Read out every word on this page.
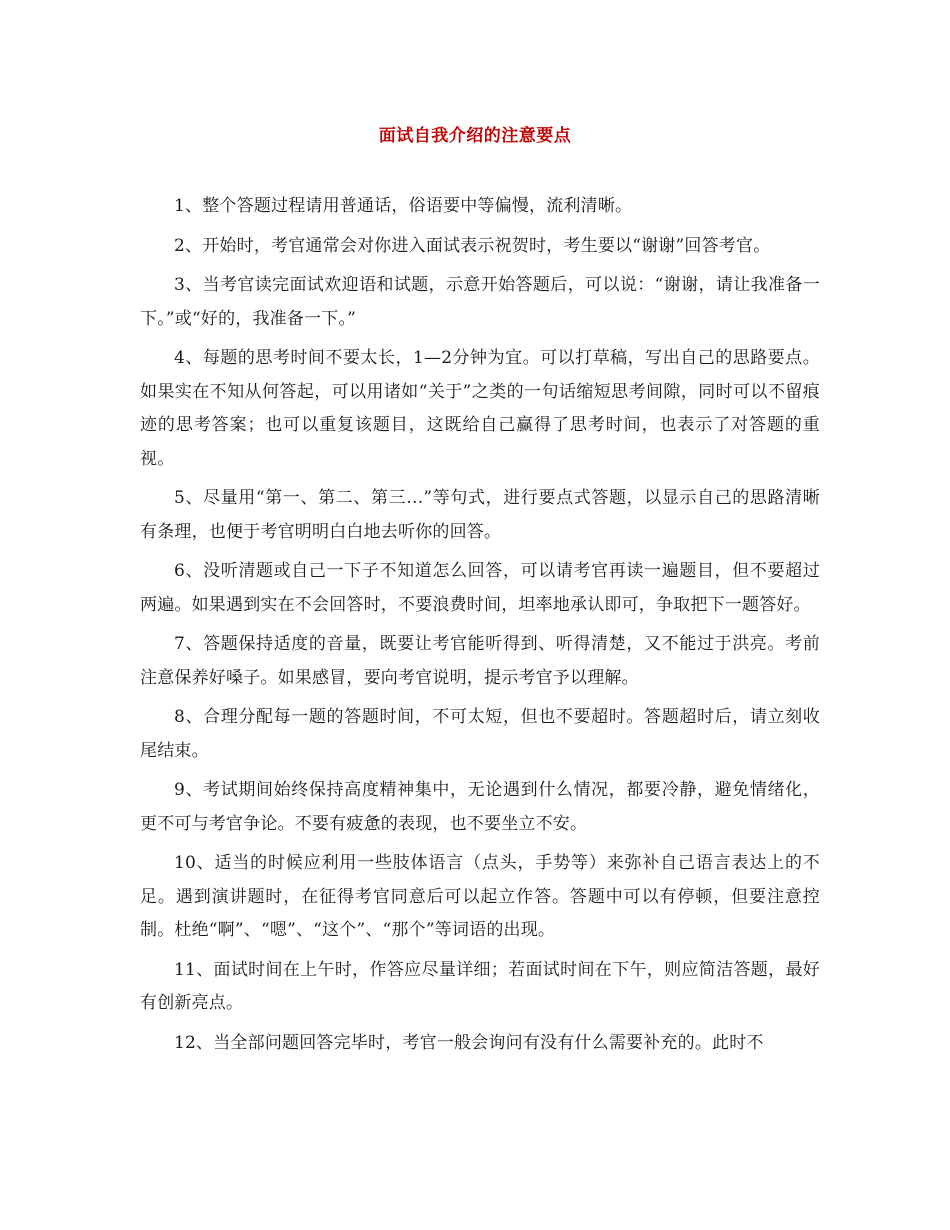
面试自我介绍的注意要点

1、整个答题过程请用普通话，俗语要中等偏慢，流利清晰。

2、开始时，考官通常会对你进入面试表示祝贺时，考生要以“谢谢”回答考官。

3、当考官读完面试欢迎语和试题，示意开始答题后，可以说：“谢谢，请让我准备一下。”或“好的，我准备一下。”

4、每题的思考时间不要太长，1—2分钟为宜。可以打草稿，写出自己的思路要点。如果实在不知从何答起，可以用诸如“关于”之类的一句话缩短思考间隙，同时可以不留痕迹的思考答案；也可以重复该题目，这既给自己赢得了思考时间，也表示了对答题的重视。

5、尽量用“第一、第二、第三…”等句式，进行要点式答题，以显示自己的思路清晰有条理，也便于考官明明白白地去听你的回答。

6、没听清题或自己一下子不知道怎么回答，可以请考官再读一遍题目，但不要超过两遍。如果遇到实在不会回答时，不要浪费时间，坦率地承认即可，争取把下一题答好。

7、答题保持适度的音量，既要让考官能听得到、听得清楚，又不能过于洪亮。考前注意保养好嗓子。如果感冒，要向考官说明，提示考官予以理解。

8、合理分配每一题的答题时间，不可太短，但也不要超时。答题超时后，请立刻收尾结束。

9、考试期间始终保持高度精神集中，无论遇到什么情况，都要冷静，避免情绪化，更不可与考官争论。不要有疲惫的表现，也不要坐立不安。

10、适当的时候应利用一些肢体语言（点头，手势等）来弥补自己语言表达上的不足。遇到演讲题时，在征得考官同意后可以起立作答。答题中可以有停顿，但要注意控制。杜绝“啊”、“嗯”、“这个”、“那个”等词语的出现。

11、面试时间在上午时，作答应尽量详细；若面试时间在下午，则应简洁答题，最好有创新亮点。

12、当全部问题回答完毕时，考官一般会询问有没有什么需要补充的。此时不
